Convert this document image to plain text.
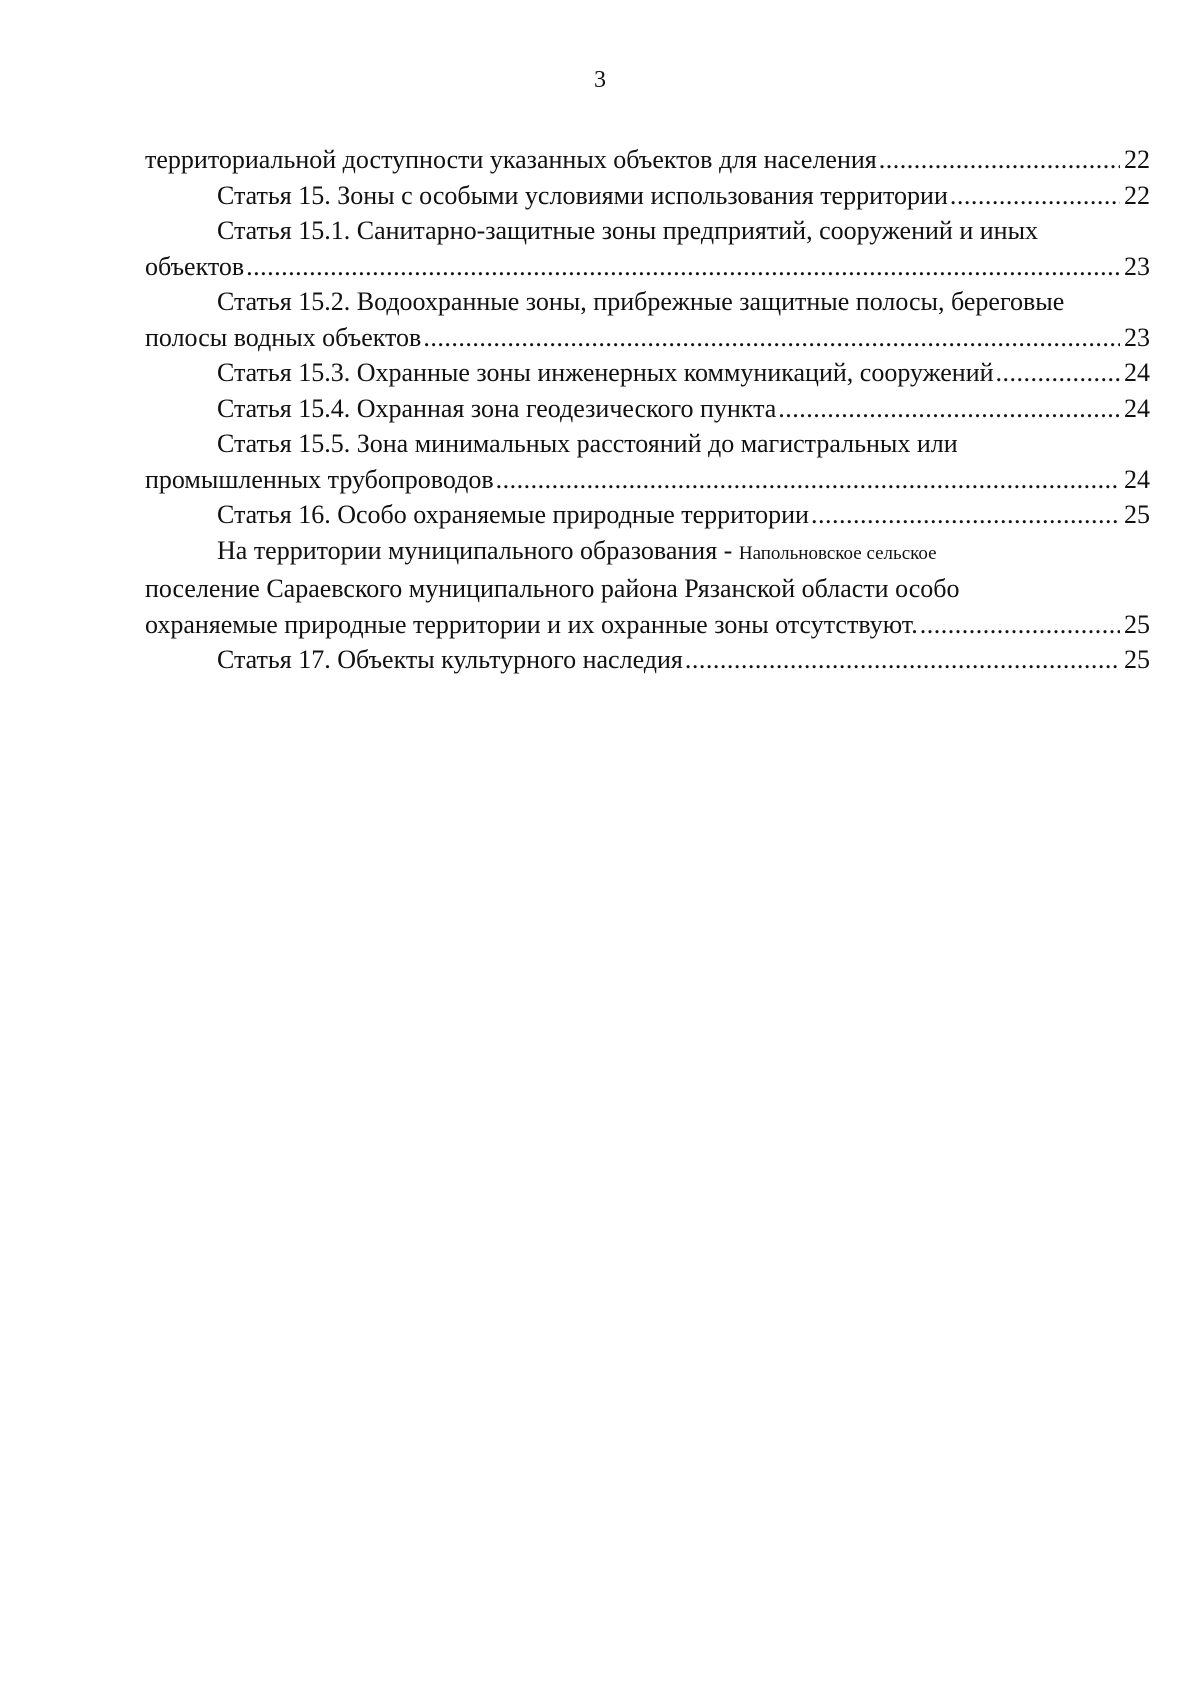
3
территориальной доступности указанных объектов для населения .....	22
Статья 15. Зоны с особыми условиями использования территории .....	22
Статья 15.1. Санитарно-защитные зоны предприятий, сооружений и иных
объектов .....	23
Статья 15.2. Водоохранные зоны, прибрежные защитные полосы, береговые
полосы водных объектов .....	23
Статья 15.3. Охранные зоны инженерных коммуникаций, сооружений .....	24
Статья 15.4. Охранная зона геодезического пункта .....	24
Статья 15.5. Зона минимальных расстояний до магистральных или
промышленных трубопроводов .....	24
Статья 16. Особо охраняемые природные территории .....	25
На территории муниципального образования - Напольновское сельское
поселение Сараевского муниципального района Рязанской области особо
охраняемые природные территории и их охранные зоны отсутствуют. .....	25
Статья 17. Объекты культурного наследия .....	25
